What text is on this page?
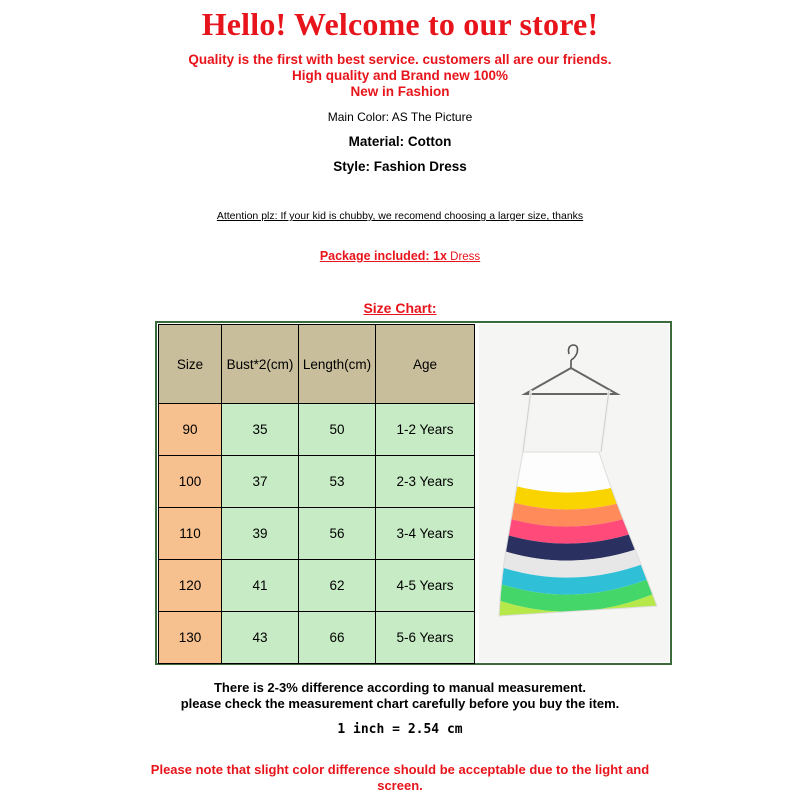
Hello! Welcome to our store!
Quality is the first with best service. customers all are our friends.
High quality and Brand new 100%
New in Fashion
Main Color: AS The Picture
Material: Cotton
Style: Fashion Dress
Attention plz: If your kid is chubby, we recomend choosing a larger size, thanks
Package included: 1x Dress
Size Chart:
Size	Bust*2(cm)	Length(cm)	Age
90	35	50	1-2 Years
100	37	53	2-3 Years
110	39	56	3-4 Years
120	41	62	4-5 Years
130	43	66	5-6 Years
There is 2-3% difference according to manual measurement.
please check the measurement chart carefully before you buy the item.
1 inch = 2.54 cm
Please note that slight color difference should be acceptable due to the light and
screen.
